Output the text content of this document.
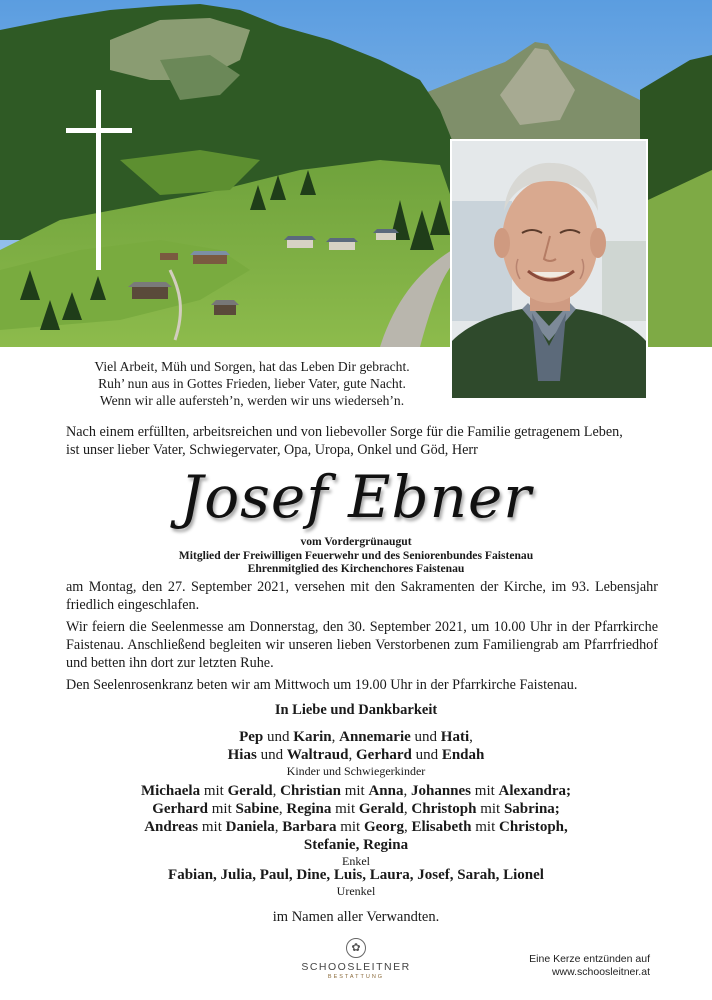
Viel Arbeit, Müh und Sorgen, hat das Leben Dir gebracht.
Ruh’ nun aus in Gottes Frieden, lieber Vater, gute Nacht.
Wenn wir alle aufersteh’n, werden wir uns wiederseh’n.
Nach einem erfüllten, arbeitsreichen und von liebevoller Sorge für die Familie getragenem Leben,
ist unser lieber Vater, Schwiegervater, Opa, Uropa, Onkel und Göd, Herr
Josef Ebner
vom Vordergrünaugut
Mitglied der Freiwilligen Feuerwehr und des Seniorenbundes Faistenau
Ehrenmitglied des Kirchenchores Faistenau

am Montag, den 27. September 2021, versehen mit den Sakramenten der Kirche, im 93. Lebensjahr friedlich eingeschlafen.

Wir feiern die Seelenmesse am Donnerstag, den 30. September 2021, um 10.00 Uhr in der Pfarrkirche Faistenau. Anschließend begleiten wir unseren lieben Verstorbenen zum Familiengrab am Pfarrfriedhof und betten ihn dort zur letzten Ruhe.

Den Seelenrosenkranz beten wir am Mittwoch um 19.00 Uhr in der Pfarrkirche Faistenau.

In Liebe und Dankbarkeit
Pep und Karin, Annemarie und Hati,
Hias und Waltraud, Gerhard und Endah
Kinder und Schwiegerkinder
Michaela mit Gerald, Christian mit Anna, Johannes mit Alexandra;
Gerhard mit Sabine, Regina mit Gerald, Christoph mit Sabrina;
Andreas mit Daniela, Barbara mit Georg, Elisabeth mit Christoph,
Stefanie, Regina
Enkel
Fabian, Julia, Paul, Dine, Luis, Laura, Josef, Sarah, Lionel
Urenkel
im Namen aller Verwandten.
✿
SCHOOSLEITNER
BESTATTUNG
Eine Kerze entzünden auf
www.schoosleitner.at
